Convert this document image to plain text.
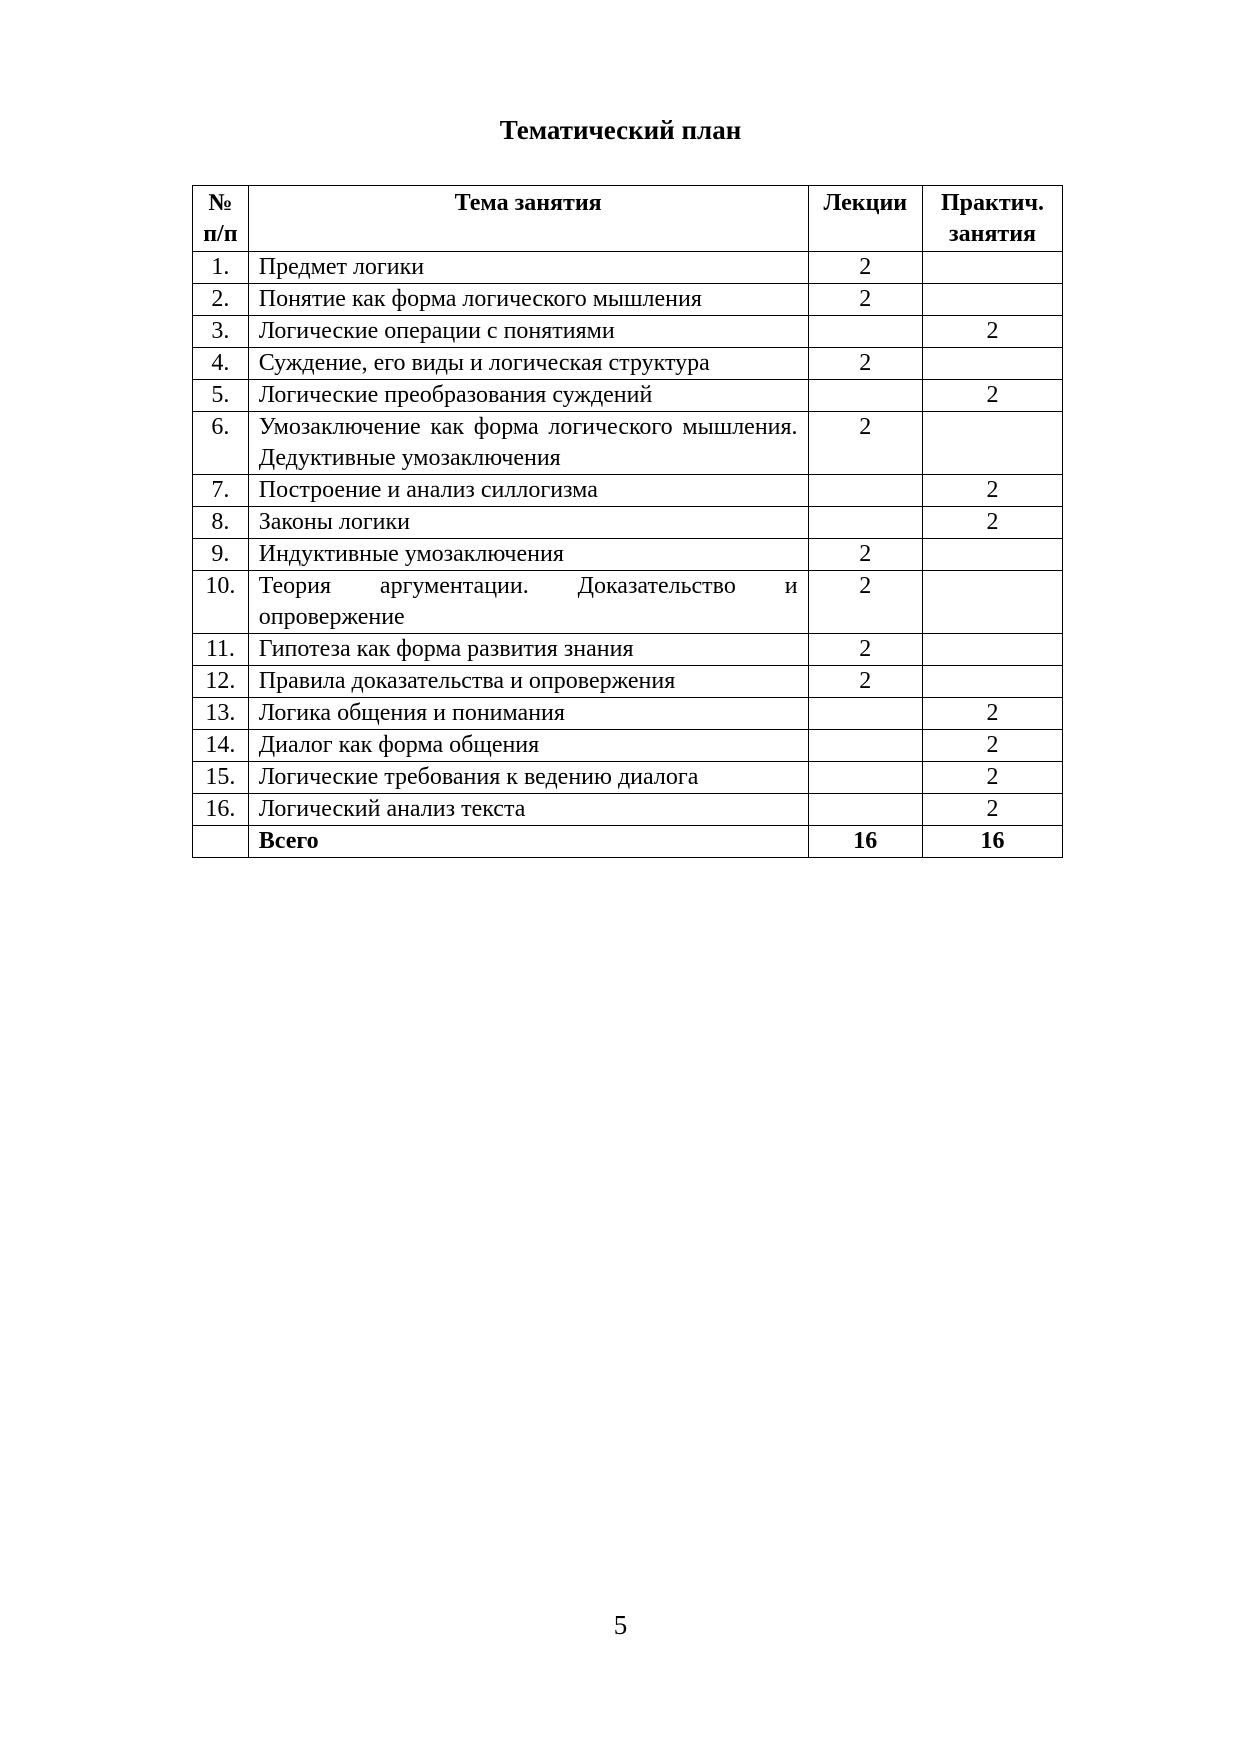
Тематический план
№
п/п	Тема занятия	Лекции	Практич.
занятия
1.	Предмет логики	2	
2.	Понятие как форма логического мышления	2	
3.	Логические операции с понятиями		2
4.	Суждение, его виды и логическая структура	2	
5.	Логические преобразования суждений		2
6.	Умозаключение как форма логического мышления. Дедуктивные умозаключения	2	
7.	Построение и анализ силлогизма		2
8.	Законы логики		2
9.	Индуктивные умозаключения	2	
10.	Теория аргументации. Доказательство и опровержение	2	
11.	Гипотеза как форма развития знания	2	
12.	Правила доказательства и опровержения	2	
13.	Логика общения и понимания		2
14.	Диалог как форма общения		2
15.	Логические требования к ведению диалога		2
16.	Логический анализ текста		2
	Всего	16	16
5
